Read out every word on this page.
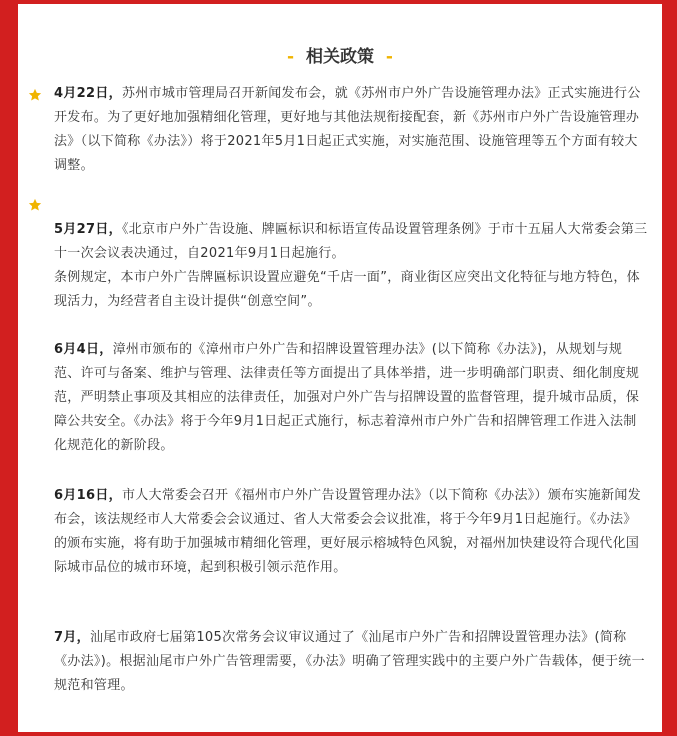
- 相关政策 -

4月22日，苏州市城市管理局召开新闻发布会，就《苏州市户外广告设施管理办法》正式实施进行公开发布。为了更好地加强精细化管理，更好地与其他法规衔接配套，新《苏州市户外广告设施管理办法》（以下简称《办法》）将于2021年5月1日起正式实施，对实施范围、设施管理等五个方面有较大调整。

5月27日，《北京市户外广告设施、牌匾标识和标语宣传品设置管理条例》于市十五届人大常委会第三十一次会议表决通过，自2021年9月1日起施行。

条例规定，本市户外广告牌匾标识设置应避免“千店一面”，商业街区应突出文化特征与地方特色，体现活力，为经营者自主设计提供“创意空间”。

6月4日，漳州市颁布的《漳州市户外广告和招牌设置管理办法》(以下简称《办法》)，从规划与规范、许可与备案、维护与管理、法律责任等方面提出了具体举措，进一步明确部门职责、细化制度规范，严明禁止事项及其相应的法律责任，加强对户外广告与招牌设置的监督管理，提升城市品质，保障公共安全。《办法》将于今年9月1日起正式施行，标志着漳州市户外广告和招牌管理工作进入法制化规范化的新阶段。

6月16日，市人大常委会召开《福州市户外广告设置管理办法》（以下简称《办法》）颁布实施新闻发布会，该法规经市人大常委会会议通过、省人大常委会会议批准，将于今年9月1日起施行。《办法》的颁布实施，将有助于加强城市精细化管理，更好展示榕城特色风貌，对福州加快建设符合现代化国际城市品位的城市环境，起到积极引领示范作用。

7月，汕尾市政府七届第105次常务会议审议通过了《汕尾市户外广告和招牌设置管理办法》(简称《办法》)。根据汕尾市户外广告管理需要，《办法》明确了管理实践中的主要户外广告载体，便于统一规范和管理。
